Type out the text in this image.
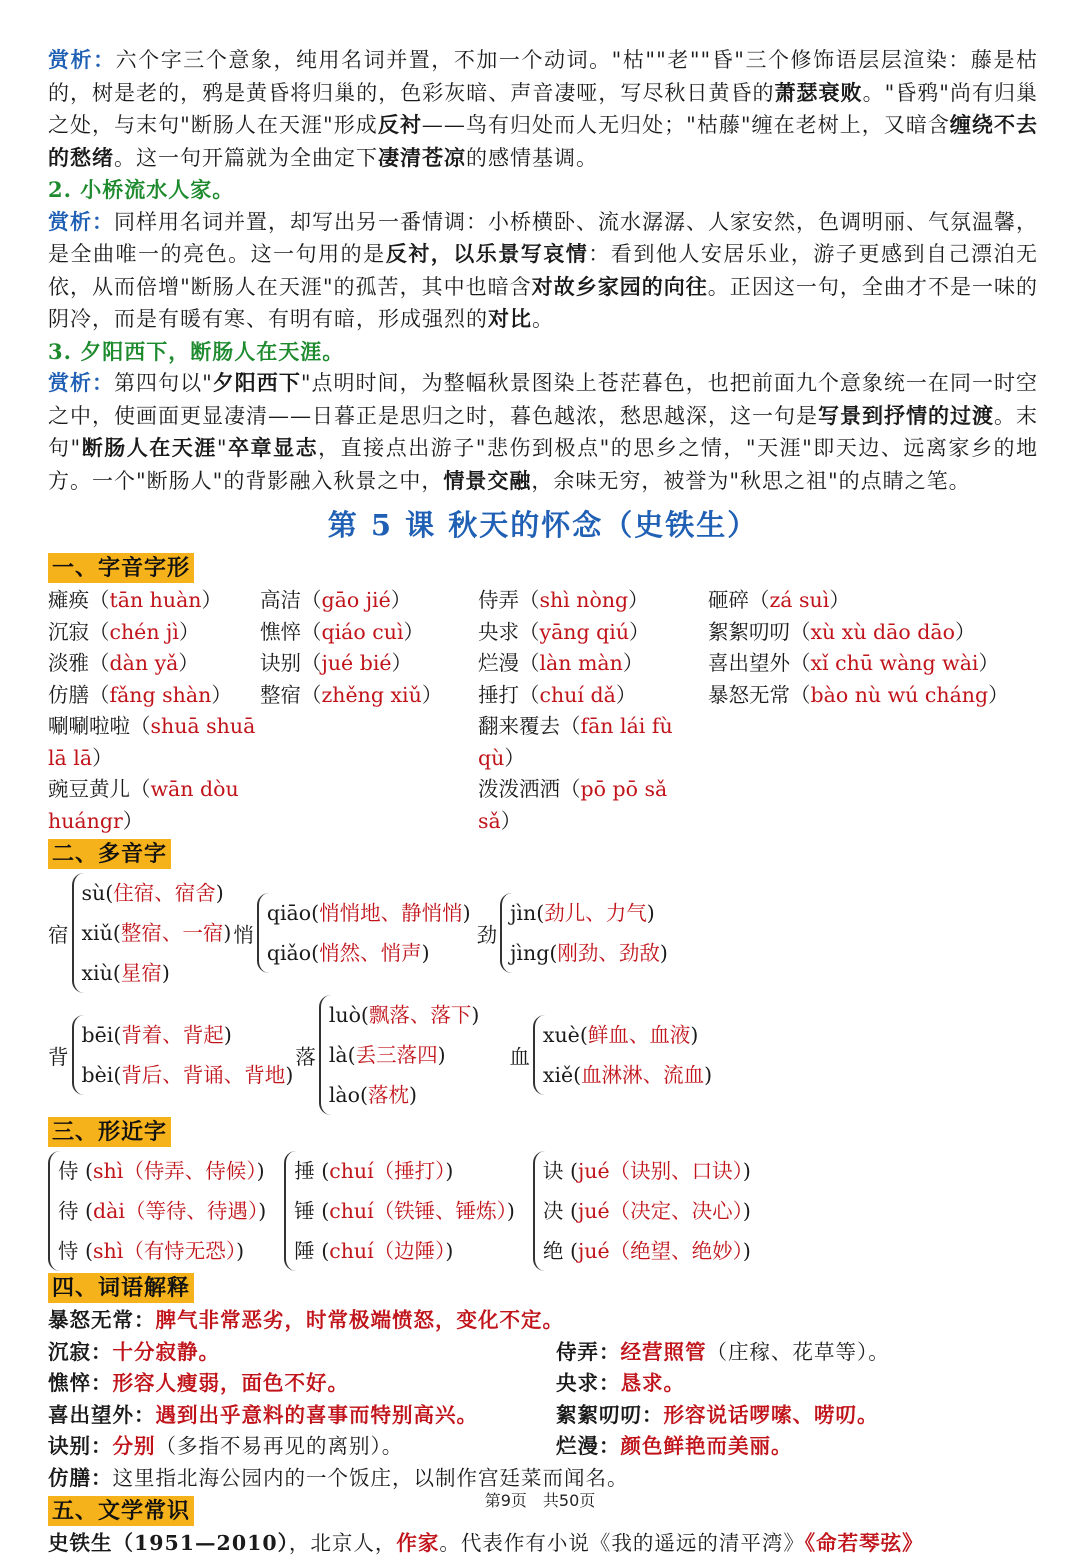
赏析：六个字三个意象，纯用名词并置，不加一个动词。"枯""老""昏"三个修饰语层层渲染：藤是枯的，树是老的，鸦是黄昏将归巢的，色彩灰暗、声音凄哑，写尽秋日黄昏的萧瑟衰败。"昏鸦"尚有归巢之处，与末句"断肠人在天涯"形成反衬——鸟有归处而人无归处；"枯藤"缠在老树上，又暗含缠绕不去的愁绪。这一句开篇就为全曲定下凄清苍凉的感情基调。

2. 小桥流水人家。

赏析：同样用名词并置，却写出另一番情调：小桥横卧、流水潺潺、人家安然，色调明丽、气氛温馨，是全曲唯一的亮色。这一句用的是反衬，以乐景写哀情：看到他人安居乐业，游子更感到自己漂泊无依，从而倍增"断肠人在天涯"的孤苦，其中也暗含对故乡家园的向往。正因这一句，全曲才不是一味的阴冷，而是有暖有寒、有明有暗，形成强烈的对比。

3. 夕阳西下，断肠人在天涯。

赏析：第四句以"夕阳西下"点明时间，为整幅秋景图染上苍茫暮色，也把前面九个意象统一在同一时空之中，使画面更显凄清——日暮正是思归之时，暮色越浓，愁思越深，这一句是写景到抒情的过渡。末句"断肠人在天涯"卒章显志，直接点出游子"悲伤到极点"的思乡之情，"天涯"即天边、远离家乡的地方。一个"断肠人"的背影融入秋景之中，情景交融，余味无穷，被誉为"秋思之祖"的点睛之笔。

第 5 课 秋天的怀念（史铁生）
一、字音字形
瘫痪（tān huàn）	高洁（gāo jié）	侍弄（shì nòng）	砸碎（zá suì）
沉寂（chén jì）	憔悴（qiáo cuì）	央求（yāng qiú）	絮絮叨叨（xù xù dāo dāo）
淡雅（dàn yǎ）	诀别（jué bié）	烂漫（làn màn）	喜出望外（xǐ chū wàng wài）
仿膳（fǎng shàn）	整宿（zhěng xiǔ）	捶打（chuí dǎ）	暴怒无常（bào nù wú cháng）
唰唰啦啦（shuā shuā lā lā）
翻来覆去（fān lái fù qù）
豌豆黄儿（wān dòu huángr）
泼泼洒洒（pō pō sǎ sǎ）
二、多音字
宿
sù(住宿、宿舍)
xiǔ(整宿、一宿)
xiù(星宿)
悄
qiāo(悄悄地、静悄悄)
qiǎo(悄然、悄声)
劲
jìn(劲儿、力气)
jìng(刚劲、劲敌)
背
bēi(背着、背起)
bèi(背后、背诵、背地)
落
luò(飘落、落下)
là(丢三落四)
lào(落枕)
血
xuè(鲜血、血液)
xiě(血淋淋、流血)
三、形近字
侍 (shì（侍弄、侍候）)
待 (dài（等待、待遇）)
恃 (shì（有恃无恐）)
捶 (chuí（捶打）)
锤 (chuí（铁锤、锤炼）)
陲 (chuí（边陲）)
诀 (jué（诀别、口诀）)
决 (jué（决定、决心）)
绝 (jué（绝望、绝妙）)
四、词语解释
暴怒无常：脾气非常恶劣，时常极端愤怒，变化不定。
沉寂：十分寂静。	侍弄：经营照管（庄稼、花草等）。
憔悴：形容人瘦弱，面色不好。	央求：恳求。
喜出望外：遇到出乎意料的喜事而特别高兴。	絮絮叨叨：形容说话啰嗦、唠叨。
诀别：分别（多指不易再见的离别）。	烂漫：颜色鲜艳而美丽。
仿膳：这里指北海公园内的一个饭庄，以制作宫廷菜而闻名。
五、文学常识
史铁生（1951—2010），北京人，作家。代表作有小说《我的遥远的清平湾》《命若琴弦》
第9页　共50页
